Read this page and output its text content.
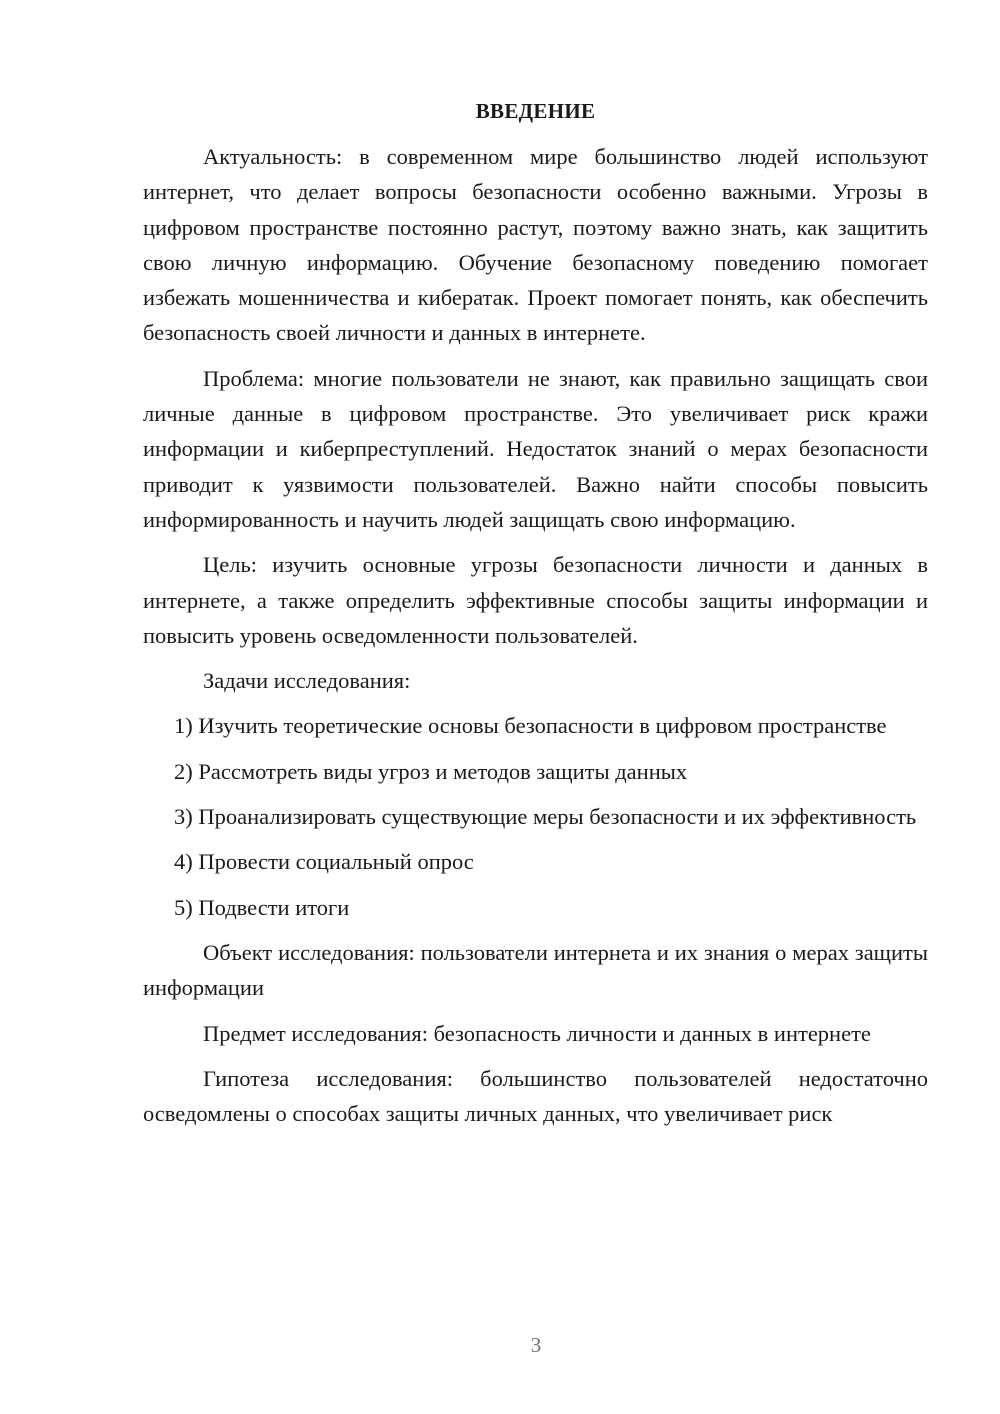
ВВЕДЕНИЕ
Актуальность: в современном мире большинство людей используют интернет, что делает вопросы безопасности особенно важными. Угрозы в цифровом пространстве постоянно растут, поэтому важно знать, как защитить свою личную информацию. Обучение безопасному поведению помогает избежать мошенничества и кибератак. Проект помогает понять, как обеспечить безопасность своей личности и данных в интернете.
Проблема: многие пользователи не знают, как правильно защищать свои личные данные в цифровом пространстве. Это увеличивает риск кражи информации и киберпреступлений. Недостаток знаний о мерах безопасности приводит к уязвимости пользователей. Важно найти способы повысить информированность и научить людей защищать свою информацию.
Цель: изучить основные угрозы безопасности личности и данных в интернете, а также определить эффективные способы защиты информации и повысить уровень осведомленности пользователей.
Задачи исследования:
1) Изучить теоретические основы безопасности в цифровом пространстве
2) Рассмотреть виды угроз и методов защиты данных
3) Проанализировать существующие меры безопасности и их эффективность
4) Провести социальный опрос
5) Подвести итоги
Объект исследования: пользователи интернета и их знания о мерах защиты информации
Предмет исследования: безопасность личности и данных в интернете
Гипотеза исследования: большинство пользователей недостаточно осведомлены о способах защиты личных данных, что увеличивает риск
3
